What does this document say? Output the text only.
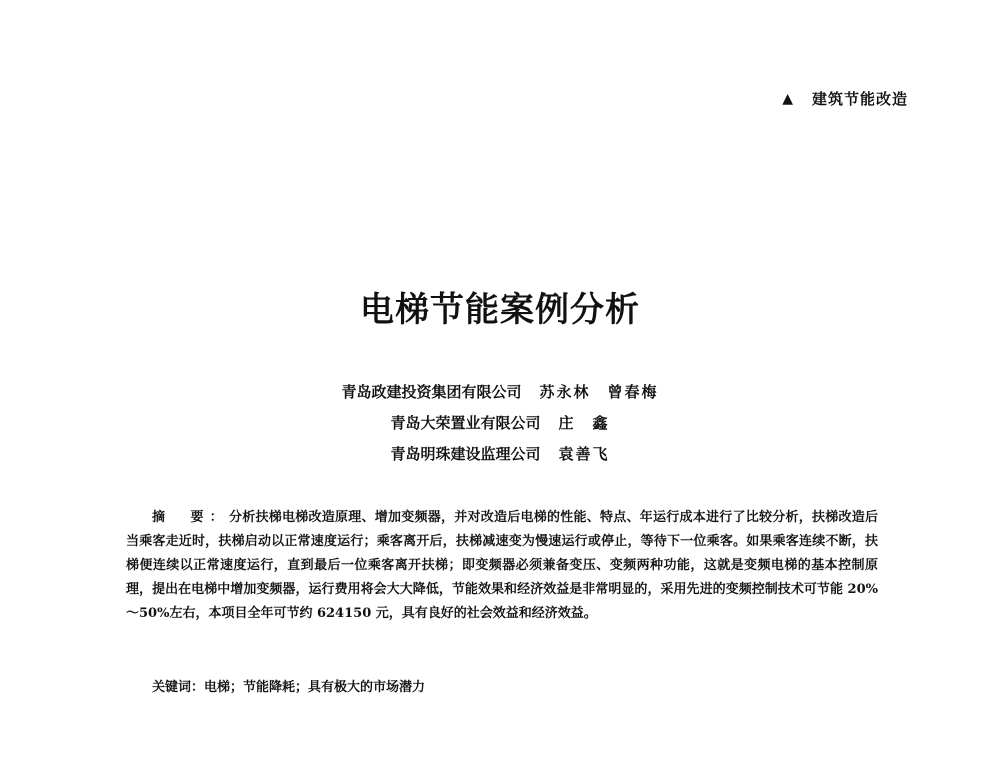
▲ 建筑节能改造
电梯节能案例分析
青岛政建投资集团有限公司 苏永林　曾春梅
青岛大荣置业有限公司 庄　鑫
青岛明珠建设监理公司 袁善飞
摘　要：分析扶梯电梯改造原理、增加变频器，并对改造后电梯的性能、特点、年运行成本进行了比较分析，扶梯改造后当乘客走近时，扶梯启动以正常速度运行；乘客离开后，扶梯减速变为慢速运行或停止，等待下一位乘客。如果乘客连续不断，扶梯便连续以正常速度运行，直到最后一位乘客离开扶梯；即变频器必须兼备变压、变频两种功能，这就是变频电梯的基本控制原理，提出在电梯中增加变频器，运行费用将会大大降低，节能效果和经济效益是非常明显的，采用先进的变频控制技术可节能 20%～50%左右，本项目全年可节约 624150 元，具有良好的社会效益和经济效益。
关键词：电梯；节能降耗；具有极大的市场潜力
